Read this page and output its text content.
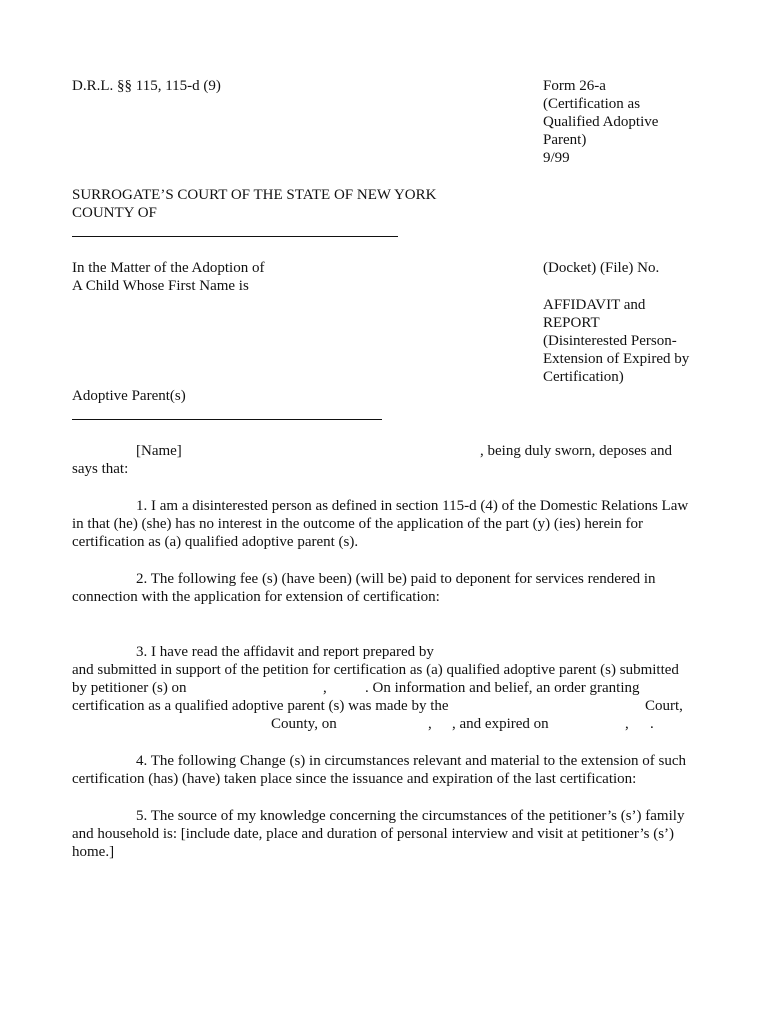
D.R.L. §§ 115, 115-d (9)	Form 26-a
(Certification as
Qualified Adoptive
Parent)
9/99
SURROGATE’S COURT OF THE STATE OF NEW YORK
COUNTY OF
In the Matter of the Adoption of
A Child Whose First Name is
(Docket) (File) No.
AFFIDAVIT and
REPORT
(Disinterested Person-
Extension of Expired by
Certification)
Adoptive Parent(s)
[Name]	, being duly sworn, deposes and
says that:
1. I am a disinterested person as defined in section 115-d (4) of the Domestic Relations Law
in that (he) (she) has no interest in the outcome of the application of the part (y) (ies) herein for
certification as (a) qualified adoptive parent (s).
2. The following fee (s) (have been) (will be) paid to deponent for services rendered in
connection with the application for extension of certification:
3. I have read the affidavit and report prepared by
and submitted in support of the petition for certification as (a) qualified adoptive parent (s) submitted
by petitioner (s) on	,	. On information and belief, an order granting
certification as a qualified adoptive parent (s) was made by the	Court,
County, on	, , and expired on	, .
4. The following Change (s) in circumstances relevant and material to the extension of such
certification (has) (have) taken place since the issuance and expiration of the last certification:
5. The source of my knowledge concerning the circumstances of the petitioner’s (s’) family
and household is: [include date, place and duration of personal interview and visit at petitioner’s (s’)
home.]
